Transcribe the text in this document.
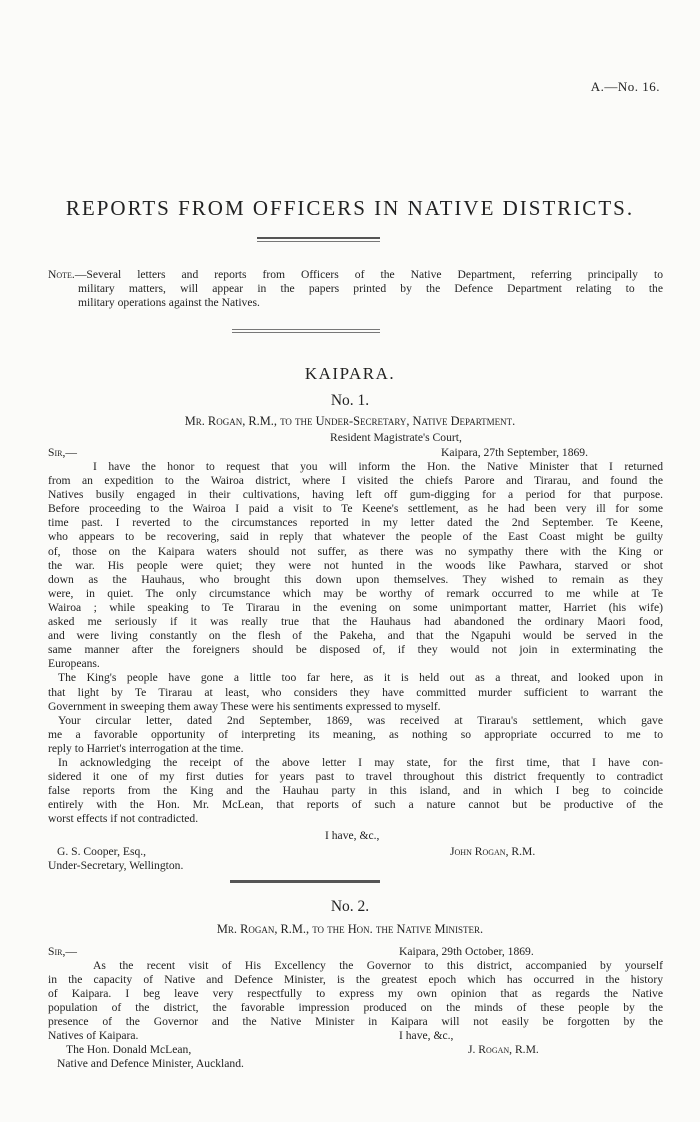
A.—No. 16.
REPORTS FROM OFFICERS IN NATIVE DISTRICTS.
Note.—Several letters and reports from Officers of the Native Department, referring principally to
military matters, will appear in the papers printed by the Defence Department relating to the
military operations against the Natives.
KAIPARA.
No. 1.
Mr. Rogan, R.M., to the Under-Secretary, Native Department.
Resident Magistrate's Court,
Sir,—	Kaipara, 27th September, 1869.
I have the honor to request that you will inform the Hon. the Native Minister that I returned
from an expedition to the Wairoa district, where I visited the chiefs Parore and Tirarau, and found the
Natives busily engaged in their cultivations, having left off gum-digging for a period for that purpose.
Before proceeding to the Wairoa I paid a visit to Te Keene's settlement, as he had been very ill for some
time past. I reverted to the circumstances reported in my letter dated the 2nd September. Te Keene,
who appears to be recovering, said in reply that whatever the people of the East Coast might be guilty
of, those on the Kaipara waters should not suffer, as there was no sympathy there with the King or
the war. His people were quiet; they were not hunted in the woods like Pawhara, starved or shot
down as the Hauhaus, who brought this down upon themselves. They wished to remain as they
were, in quiet. The only circumstance which may be worthy of remark occurred to me while at Te
Wairoa ; while speaking to Te Tirarau in the evening on some unimportant matter, Harriet (his wife)
asked me seriously if it was really true that the Hauhaus had abandoned the ordinary Maori food,
and were living constantly on the flesh of the Pakeha, and that the Ngapuhi would be served in the
same manner after the foreigners should be disposed of, if they would not join in exterminating the
Europeans.
The King's people have gone a little too far here, as it is held out as a threat, and looked upon in
that light by Te Tirarau at least, who considers they have committed murder sufficient to warrant the
Government in sweeping them away These were his sentiments expressed to myself.
Your circular letter, dated 2nd September, 1869, was received at Tirarau's settlement, which gave
me a favorable opportunity of interpreting its meaning, as nothing so appropriate occurred to me to
reply to Harriet's interrogation at the time.
In acknowledging the receipt of the above letter I may state, for the first time, that I have con-
sidered it one of my first duties for years past to travel throughout this district frequently to contradict
false reports from the King and the Hauhau party in this island, and in which I beg to coincide
entirely with the Hon. Mr. McLean, that reports of such a nature cannot but be productive of the
worst effects if not contradicted.
I have, &c.,
G. S. Cooper, Esq.,	John Rogan, R.M.
Under-Secretary, Wellington.
No. 2.
Mr. Rogan, R.M., to the Hon. the Native Minister.
Sir,—	Kaipara, 29th October, 1869.
As the recent visit of His Excellency the Governor to this district, accompanied by yourself
in the capacity of Native and Defence Minister, is the greatest epoch which has occurred in the history
of Kaipara. I beg leave very respectfully to express my own opinion that as regards the Native
population of the district, the favorable impression produced on the minds of these people by the
presence of the Governor and the Native Minister in Kaipara will not easily be forgotten by the
Natives of Kaipara.	I have, &c.,
The Hon. Donald McLean,	J. Rogan, R.M.
Native and Defence Minister, Auckland.
